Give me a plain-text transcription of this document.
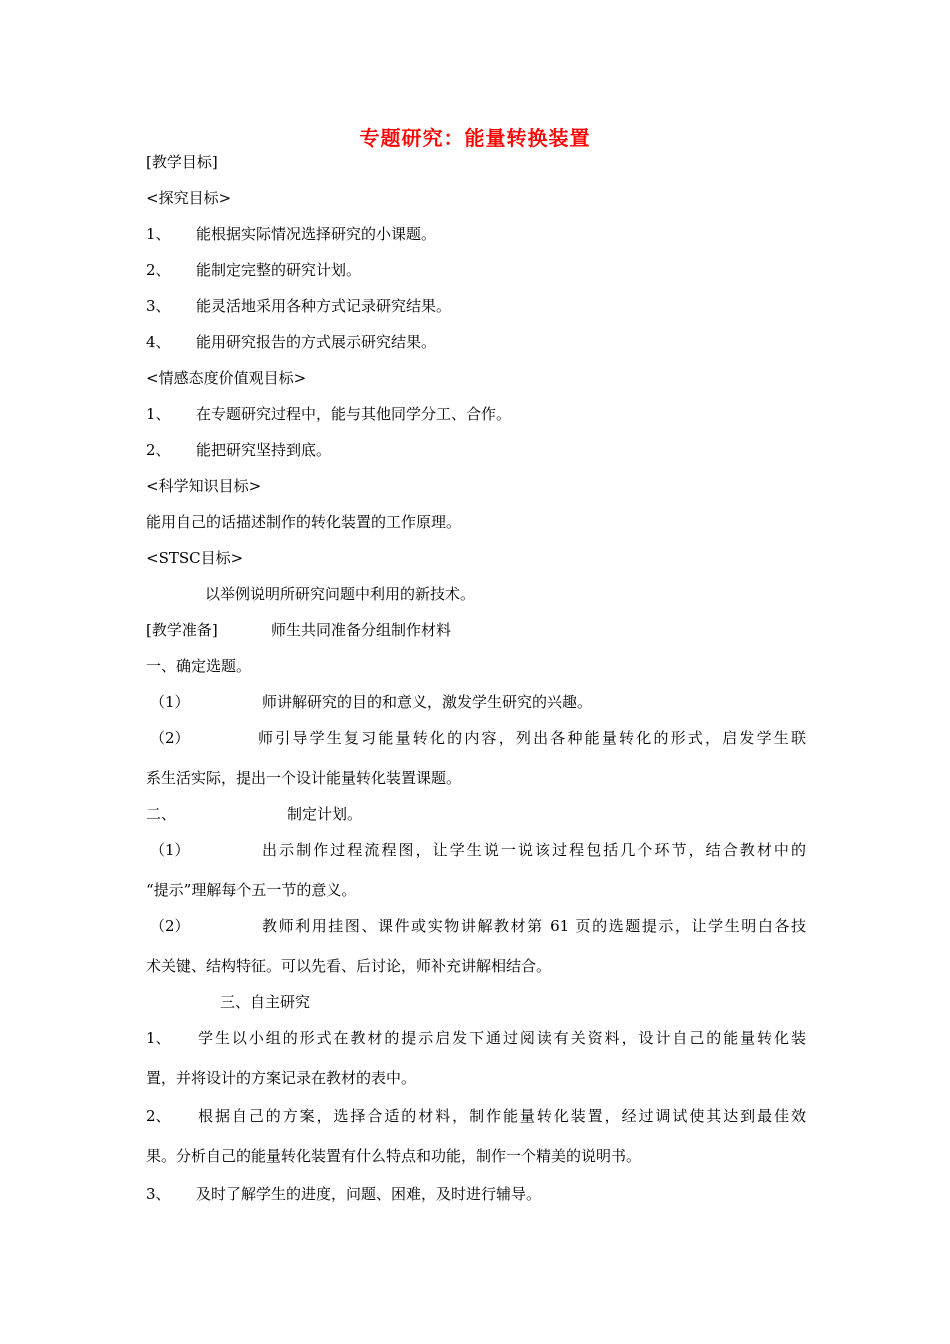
专题研究：能量转换装置
[教学目标]
<探究目标>
1、 能根据实际情况选择研究的小课题。
2、 能制定完整的研究计划。
3、 能灵活地采用各种方式记录研究结果。
4、 能用研究报告的方式展示研究结果。
<情感态度价值观目标>
1、 在专题研究过程中，能与其他同学分工、合作。
2、 能把研究坚持到底。
<科学知识目标>
能用自己的话描述制作的转化装置的工作原理。
<STSC目标>
以举例说明所研究问题中利用的新技术。
[教学准备]	师生共同准备分组制作材料
一、确定选题。
（1）	师讲解研究的目的和意义，激发学生研究的兴趣。
（2）	师引导学生复习能量转化的内容，列出各种能量转化的形式，启发学生联
系生活实际，提出一个设计能量转化装置课题。
二、	制定计划。
（1）	出示制作过程流程图，让学生说一说该过程包括几个环节，结合教材中的
“提示”理解每个五一节的意义。
（2）	教师利用挂图、课件或实物讲解教材第 61 页的选题提示，让学生明白各技
术关键、结构特征。可以先看、后讨论，师补充讲解相结合。
三、自主研究
1、	学生以小组的形式在教材的提示启发下通过阅读有关资料，设计自己的能量转化装
置，并将设计的方案记录在教材的表中。
2、	根据自己的方案，选择合适的材料，制作能量转化装置，经过调试使其达到最佳效
果。分析自己的能量转化装置有什么特点和功能，制作一个精美的说明书。
3、 及时了解学生的进度，问题、困难，及时进行辅导。
